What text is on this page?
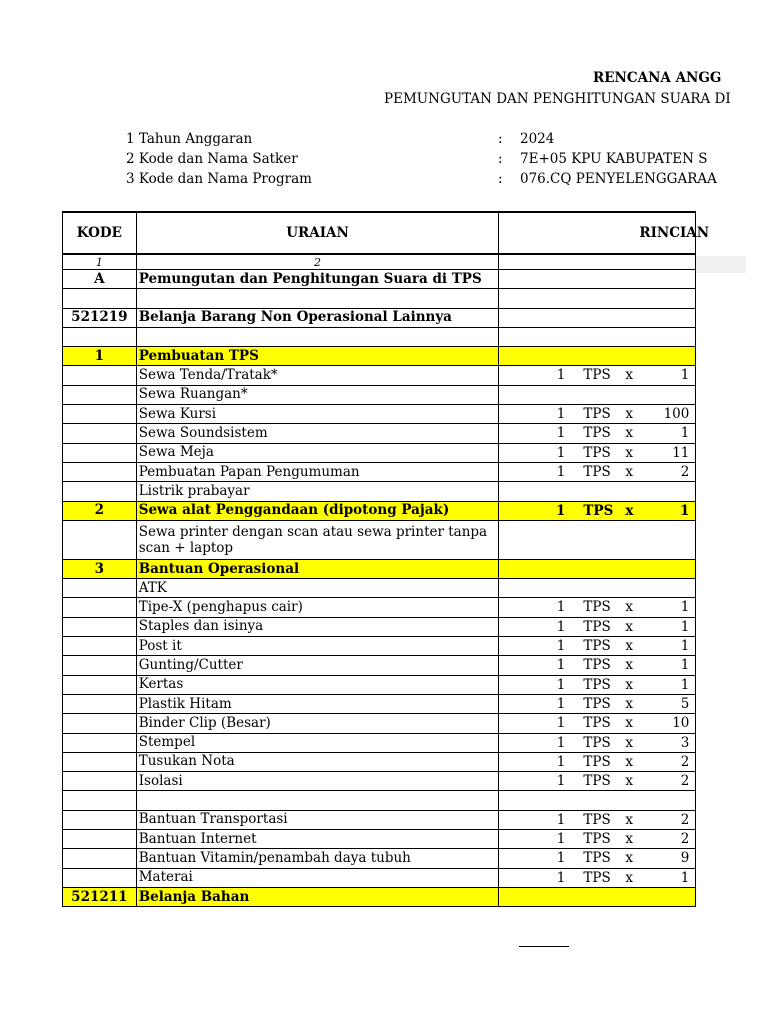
RENCANA ANGG
PEMUNGUTAN DAN PENGHITUNGAN SUARA DI
1 Tahun Anggaran	: 2024
2 Kode dan Nama Satker	: 7E+05 KPU KABUPATEN S
3 Kode dan Nama Program	: 076.CQ PENYELENGGARAA
KODE	URAIAN	RINCIAN

1	2	
A	Pemungutan dan Penghitungan Suara di TPS	

521219	Belanja Barang Non Operasional Lainnya	

1	Pembuatan TPS	

	Sewa Tenda/Tratak*	1 TPS x 1

	Sewa Ruangan*	

	Sewa Kursi	1 TPS x 100

	Sewa Soundsistem	1 TPS x 1

	Sewa Meja	1 TPS x 11

	Pembuatan Papan Pengumuman	1 TPS x 2

	Listrik prabayar	

2	Sewa alat Penggandaan (dipotong Pajak)	1 TPS x 1

	Sewa printer dengan scan atau sewa printer tanpa scan + laptop	

3	Bantuan Operasional	

	ATK	

	Tipe-X (penghapus cair)	1 TPS x 1

	Staples dan isinya	1 TPS x 1

	Post it	1 TPS x 1

	Gunting/Cutter	1 TPS x 1

	Kertas	1 TPS x 1

	Plastik Hitam	1 TPS x 5

	Binder Clip (Besar)	1 TPS x 10

	Stempel	1 TPS x 3

	Tusukan Nota	1 TPS x 2

	Isolasi	1 TPS x 2

	Bantuan Transportasi	1 TPS x 2

	Bantuan Internet	1 TPS x 2

	Bantuan Vitamin/penambah daya tubuh	1 TPS x 9

	Materai	1 TPS x 1

521211	Belanja Bahan	
